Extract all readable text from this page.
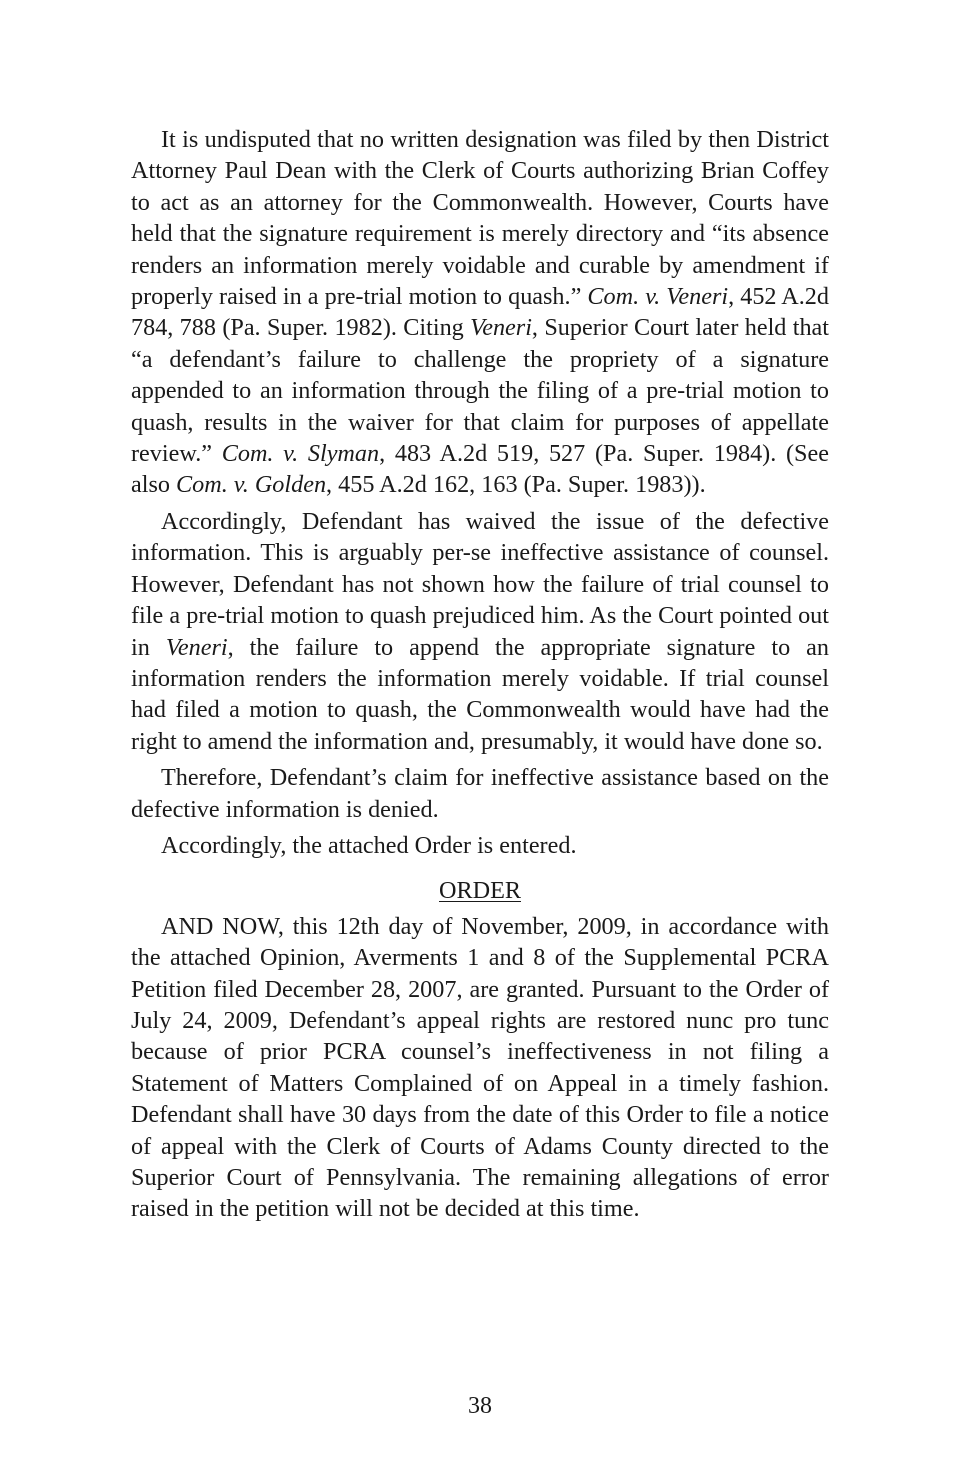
It is undisputed that no written designation was filed by then District Attorney Paul Dean with the Clerk of Courts authorizing Brian Coffey to act as an attorney for the Commonwealth. However, Courts have held that the signature requirement is merely directory and “its absence renders an information merely voidable and curable by amendment if properly raised in a pre-trial motion to quash.” Com. v. Veneri, 452 A.2d 784, 788 (Pa. Super. 1982). Citing Veneri, Superior Court later held that “a defendant’s failure to challenge the propriety of a signature appended to an information through the filing of a pre-trial motion to quash, results in the waiver for that claim for purposes of appellate review.” Com. v. Slyman, 483 A.2d 519, 527 (Pa. Super. 1984). (See also Com. v. Golden, 455 A.2d 162, 163 (Pa. Super. 1983)).

Accordingly, Defendant has waived the issue of the defective information. This is arguably per-se ineffective assistance of counsel. However, Defendant has not shown how the failure of trial counsel to file a pre-trial motion to quash prejudiced him. As the Court pointed out in Veneri, the failure to append the appropriate signature to an information renders the information merely voidable. If trial counsel had filed a motion to quash, the Commonwealth would have had the right to amend the information and, presumably, it would have done so.

Therefore, Defendant’s claim for ineffective assistance based on the defective information is denied.

Accordingly, the attached Order is entered.

ORDER

AND NOW, this 12th day of November, 2009, in accordance with the attached Opinion, Averments 1 and 8 of the Supplemental PCRA Petition filed December 28, 2007, are granted. Pursuant to the Order of July 24, 2009, Defendant’s appeal rights are restored nunc pro tunc because of prior PCRA counsel’s ineffectiveness in not filing a Statement of Matters Complained of on Appeal in a timely fashion. Defendant shall have 30 days from the date of this Order to file a notice of appeal with the Clerk of Courts of Adams County directed to the Superior Court of Pennsylvania. The remaining allegations of error raised in the petition will not be decided at this time.

38
